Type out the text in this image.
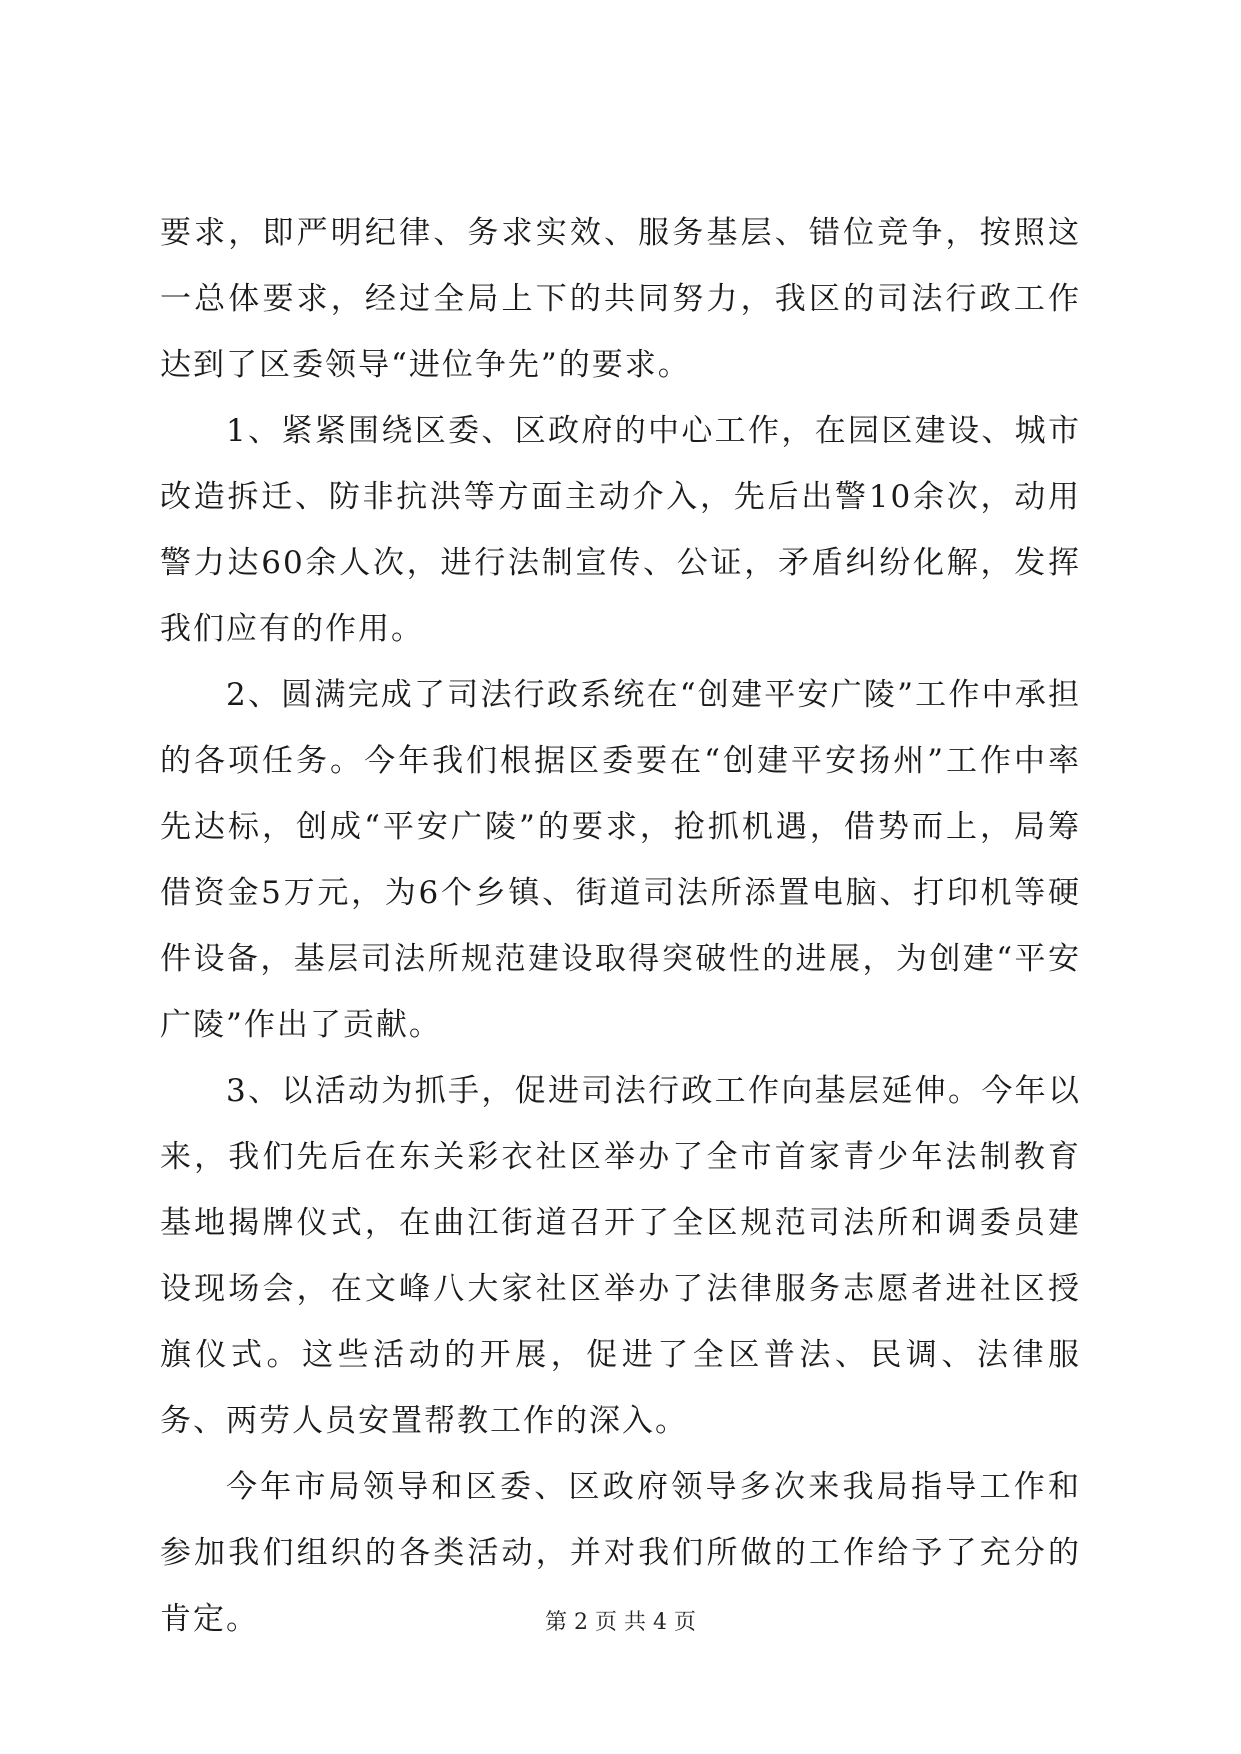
要求，即严明纪律、务求实效、服务基层、错位竞争，按照这一总体要求，经过全局上下的共同努力，我区的司法行政工作达到了区委领导“进位争先”的要求。

1、紧紧围绕区委、区政府的中心工作，在园区建设、城市改造拆迁、防非抗洪等方面主动介入，先后出警10余次，动用警力达60余人次，进行法制宣传、公证，矛盾纠纷化解，发挥我们应有的作用。

2、圆满完成了司法行政系统在“创建平安广陵”工作中承担的各项任务。今年我们根据区委要在“创建平安扬州”工作中率先达标，创成“平安广陵”的要求，抢抓机遇，借势而上，局筹借资金5万元，为6个乡镇、街道司法所添置电脑、打印机等硬件设备，基层司法所规范建设取得突破性的进展，为创建“平安广陵”作出了贡献。

3、以活动为抓手，促进司法行政工作向基层延伸。今年以来，我们先后在东关彩衣社区举办了全市首家青少年法制教育基地揭牌仪式，在曲江街道召开了全区规范司法所和调委员建设现场会，在文峰八大家社区举办了法律服务志愿者进社区授旗仪式。这些活动的开展，促进了全区普法、民调、法律服务、两劳人员安置帮教工作的深入。

今年市局领导和区委、区政府领导多次来我局指导工作和参加我们组织的各类活动，并对我们所做的工作给予了充分的肯定。	第 2 页 共 4 页
